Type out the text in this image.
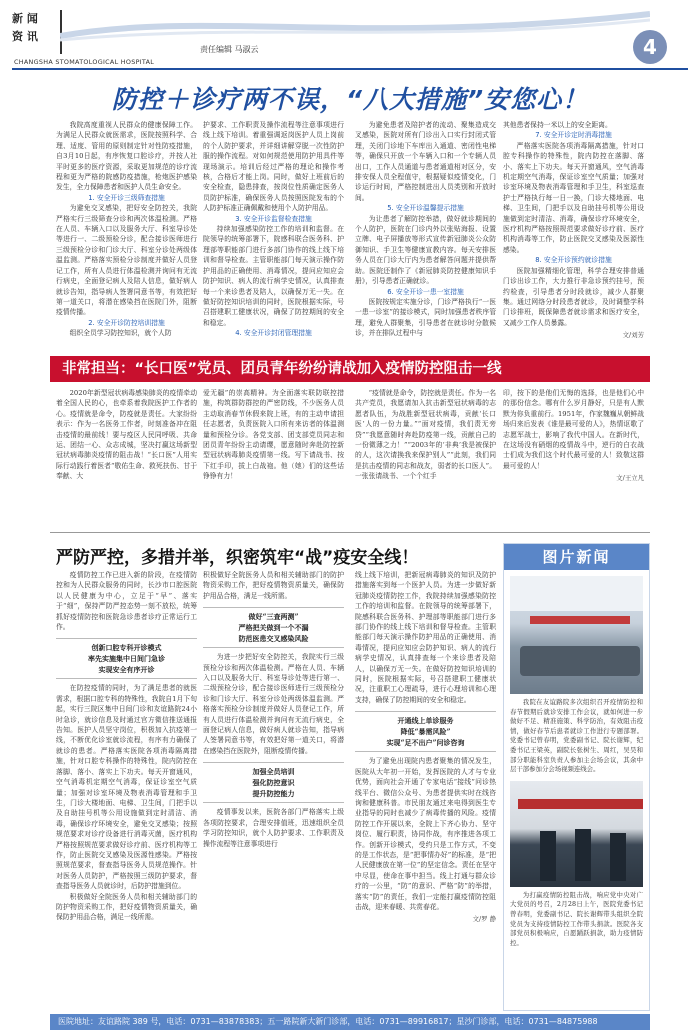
新 闻
资 讯
责任编辑 马淑云
CHANGSHA STOMATOLOGICAL HOSPITAL
4
防控＋诊疗两不误，“八大措施”安您心！

我院高度重视人民群众的健康保障工作。为满足人民群众就医需求，医院按照科学、合理、适度、管用的原则制定针对性防疫措施，自3月10日起，有序恢复口腔诊疗，并按人社平时更多的医疗资源，采取更加规范的诊疗流程和更为严格的院感防疫措施，枪炮医护感染发生，全力保障患者和医护人员生命安全。

1. 安全开诊三级筛查措施

为避免交叉感染，把好安全防控关，我院严格实行三级筛查分诊和两次体温检测。严格在人员、车辆入口以及服务大厅、科室导诊处等进行一、二级预检分诊，配合接诊医师进行三级预检分诊和门诊大厅、科室分诊处两级体温监测。严格落实预检分诊制度并做好人员登记工作，所有人员进行体温检测并询问有无流行病史，全面登记病人及陪人信息，做好病人就诊告知，指导病人签署同意书等，有效把好第一道关口，将潜在感染挡在医院门外，阻断疫情传播。

2. 安全开诊防控培训措施

组织全员学习防控知识，就个人防

护要求、工作职责及操作流程等注意事项进行线上线下培训。着重强调返岗医护人员上岗前的个人防护要求，并详细讲解穿脱一次性防护服的操作流程。对如何规范使用防护用具件等现场演示。培训后经过严格的理论和操作考核，合格后才能上岗。同时，做好上班前后的安全检查，隐患排查，按岗位性质确定医务人员防护标准，确保医务人员按照医院发布的个人防护标准正确佩戴和使用个人防护用品。

3. 安全开诊监督检查措施

持续加强感染防控工作的培训和监督。在院领导的统筹部署下，院感科联合医务科、护理部等职能部门进行多部门协作的线上线下培训和督导检查。主管职能部门每天演示操作防护用品的正确使用、消毒情况，提问应知应会防护知识、病人的流行病学史情况，认真排查每一个来诊患者及陪人，以确保万无一失。在做好防控知识培训的同时，医院根据实际，号召搭建职工健康状况，确保了防控期间的安全和稳定。

4. 安全开诊封闭管理措施

为避免患者及陪护者的流动、聚集造成交叉感染，医院对所有门诊出入口实行封闭式管理，关闭门诊地下车库出入通道、密闭性电梯等，确保只开放一个车辆入口和一个专辆人员出口，工作人员通道与患者通道相对区分，安排安保人员全程值守，根据疑似疫情变化，门诊运行时间，严格控制进出人员类别和开放时间。

5. 安全开诊温馨提示措施

为让患者了解防控举措，做好就诊期间的个人防护，医院在门诊内外以张贴海报、设置立牌、电子屏播放等形式宣传新冠肺炎公众防御知识、手卫生等健康宣教内容。每天安排医务人员在门诊大厅内为患者解答问题并提供帮助。医院还制作了《新冠肺炎防控健康知识手册》，引导患者正确就诊。

6. 安全开诊一患一室措施

医院按规定实施分诊，门诊严格执行“一医一患一诊室”的接诊模式，同时加强患者秩序管理，避免人群聚集，引导患者在就诊时分散候诊，并在排队过程中与

其他患者保持一米以上的安全距离。

7. 安全开诊定时消毒措施

严格落实医院各项消毒隔离措施，针对口腔专科操作的特殊性，院内防控在落脚、落小、落实上下功夫。每天开窗通风，空气消毒机定期空气消毒，保证诊室空气质量；加强对诊室环境及物表消毒管理和手卫生，科室巡查护士严格执行每一日一换，门诊大楼地面、电梯、卫生间，门把手以及自助挂号机等公用设施做到定时清洁、消毒，确保诊疗环境安全，医疗机构严格按照规范要求做好诊疗前、医疗机构消毒等工作，防止医院交叉感染及医源性感染。

8. 安全开诊预约就诊措施

医院加强精细化管理，科学合理安排普通门诊出诊工作，大力推行非急诊预约挂号，预约检查，引导患者分时段就诊，减少人群聚集。通过网络分时段患者就诊，及时调整学科门诊排班，既保障患者就诊需求和医疗安全，又减少工作人员暴露。

文/刘芳
非常担当：“长口医”党员、团员青年纷纷请战加入疫情防控阻击一线

2020年新型冠状病毒感染肺炎的疫情牵动着全国人民的心，也牵系着我院医护工作者的心。疫情就是命令，防疫就是责任。大家纷纷表示：作为一名医务工作者，时刻准备冲在阻击疫情的最前线！要与疫区人民同呼吸、共命运、团结一心、众志成城，坚决打赢这场新型冠状病毒肺炎疫情的阻击战！“长口医”人用实际行动践行着医者“敬佑生命、救死扶伤、甘于奉献、大

爱无疆”的崇高精神。为全面落实联防联控措施，构筑群防群控的严密防线，不少医务人员主动取消春节休假来院上班，有的主动申请担任志愿者，负责医院入口所有来访者的体温测量和预检分诊。各党支部、团支部党员同志和团员青年纷纷主动请缨，愿意随时奔赴防控新型冠状病毒肺炎疫情第一线。写下请战书、按下红手印，拔上白战袍。他（她）们的这些话铮铮有力！

“疫情就是命令，防控就是责任。作为一名共产党员，我愿请加入抗击新型冠状病毒的志愿者队伍，为战胜新型冠状病毒，贡献‘长口医’人的一份力量。”“面对疫情，我们责无旁贷”“我愿意随时奔赴防疫第一线，贡献自己的一份微薄之力！”“2003年的‘非典’我是被保护的人，这次请换我来保护别人”“此刻，我们同是抗击疫情的同志和战友，弱者的长口医人”。一张张请战书、一个个红手

印，按下的是他们无悔的选择，也是他们心中的那份信念。哪有什么岁月静好，只是有人默默为你负重前行。1951年，作家魏巍从朝鲜战场归来后发表《谁是最可爱的人》，热情讴歌了志愿军战士，影响了我代中国人。在新时代，在这场没有硝烟的疫情战斗中，逆行的白衣战士们成为我们这个时代最可爱的人！致敬这群最可爱的人！

文/王立凡
严防严控，多措并举，织密筑牢“战”疫安全线！

疫情防控工作已进入新的阶段，在疫情防控和为人民群众服务的同时，长沙市口腔医院以人民健康为中心，立足于“早”、落实于“细”，保持严防严控态势一刻不放松，统筹抓好疫情防控和医院急诊患者诊疗正常运行工作。

创新口腔专科开诊模式
率先实施集中日间门急诊
实现安全有序开诊

在防控疫情的同时，为了满足患者的就医需求，根据口腔专科的特殊性，我院自1月下旬起，实行三院区集中日间门诊和友谊路院24小时急诊，就诊信息及时通过官方微信推送通报告知。医护人员坚守岗位，积极加入抗疫第一线，不断优化诊室就诊流程，有序有力确保了就诊的患者。严格落实医院各项消毒隔离措施，针对口腔专科操作的特殊性，院内防控在落脚、落小、落实上下功夫。每天开窗通风，空气消毒机定期空气消毒，保证诊室空气质量；加强对诊室环境及物表消毒管理和手卫生，门诊大楼地面、电梯、卫生间，门把手以及自助挂号机等公用设施做到定时清洁、消毒，确保诊疗环境安全，避免交叉感染；按照规范要求对诊疗设备进行消毒灭菌，医疗机构严格按照规范要求做好诊疗前、医疗机构等工作，防止医院交叉感染及医源性感染。严格按照规范要求，督查指导医务人员规范操作。针对医务人员防护，严格按照三级防护要求，督查指导医务人员就诊时，后防护措施到位。

积极做好全院医务人员和相关辅助部门的防护物资采购工作，把好疫情物资质量关，确保防护用品合格，满足一线所需。

积极做好全院医务人员和相关辅助部门的防护物资采购工作，把好疫情物资质量关，确保防护用品合格，满足一线所需。

做好“三查两测”
严格把关做到一个不漏
防范医患交叉感染风险

为进一步把好安全防控关，我院实行三级预检分诊和两次体温检测。严格在人员、车辆入口以及服务大厅、科室导诊处等进行第一、二级预检分诊，配合接诊医师进行三级预检分诊和门诊大厅、科室分诊处两级体温监测。严格落实预检分诊制度并做好人员登记工作，所有人员进行体温检测并询问有无流行病史，全面登记病人信息，做好病人就诊告知，指导病人签署同意书等，有效把好第一道关口，将潜在感染挡在医院外，阻断疫情传播。

加强全员培训
强化防控意识
提升防控能力

疫情事发以来，医院各部门严格落实上级各项防控要求，合理安排值班，迅速组织全员学习防控知识，就个人防护要求、工作职责及操作流程等注意事项进行

线上线下培训，把新冠病毒肺炎的知识及防护措施落实到每一个医护人员。为进一步做好新冠肺炎疫情防控工作，我院持续加强感染防控工作的培训和监督。在院领导的统筹部署下，院感科联合医务科、护理部等职能部门进行多部门协作的线上线下培训和督导检查。主管职能部门每天演示操作防护用品的正确使用、消毒情况，提问应知应会防护知识、病人的流行病学史情况，认真排查每一个来诊患者及陪人，以确保万无一失。在做好防控知识培训的同时，医院根据实际，号召搭建职工健康状况，注重职工心理疏导，进行心理培训和心理支持，确保了防控期间的安全和稳定。

开通线上单诊服务
降低“暴需风险”
实现“足不出户”问诊咨询

为了避免出现院内患者聚集的情况发生，医院从大年初一开始，发挥医院的人才与专业优势，面向社会开通了专家电话“接线”问诊热线平台、微信公众号、为患者提供实时在线咨询和健康科普。市民朋友通过来电得到医生专业指导的同时也减少了病毒传播的风险。疫情防控工作开展以来，全院上下齐心协力、坚守岗位、履行职责，协同作战，有序推进各项工作。创新开诊模式，受约只是工作方式，不变的是工作状态，是“把事情办好”的标准，是“把人民健康放在第一位”的坚定信念。责任在坚守中尽显，使命在事中担当。线上打通与群众诊疗的一公里，“防”的意识、严格“防”的举措，落实“防”的责任，我们一定能打赢疫情防控阻击战，迎来春暖、共赏春花。

文/罗 静
图片新闻

我院在友谊路院多次组织召开疫情防控和春节假期后就诊安排工作会议，就如何进一步做好不足、精准施策、科学防治，有效阻击疫情，做好春节后患者就诊工作进行专题部署。党委书记曾春明，党委副书记、院长谢辉，纪委书记王梁英，副院长张树生、周红，吴昊和部分职能科室负责人参加主会场会议，其余中层干部参加分会场视频连线会。

为打赢疫情防控阻击战，响应党中央对广大党员的号召，2月28日上午，医院党委书记曾春明，党委副书记、院长谢辉带头组织全院党员为支持疫情防控工作带头捐款。医院各支部党员积极响应，自愿踊跃捐款，助力疫情防控。

医院地址：友谊路院 389 号，电话：0731—83878383；五一路院新大新门诊部，电话：0731—89916817；星沙门诊部，电话：0731—84875988
